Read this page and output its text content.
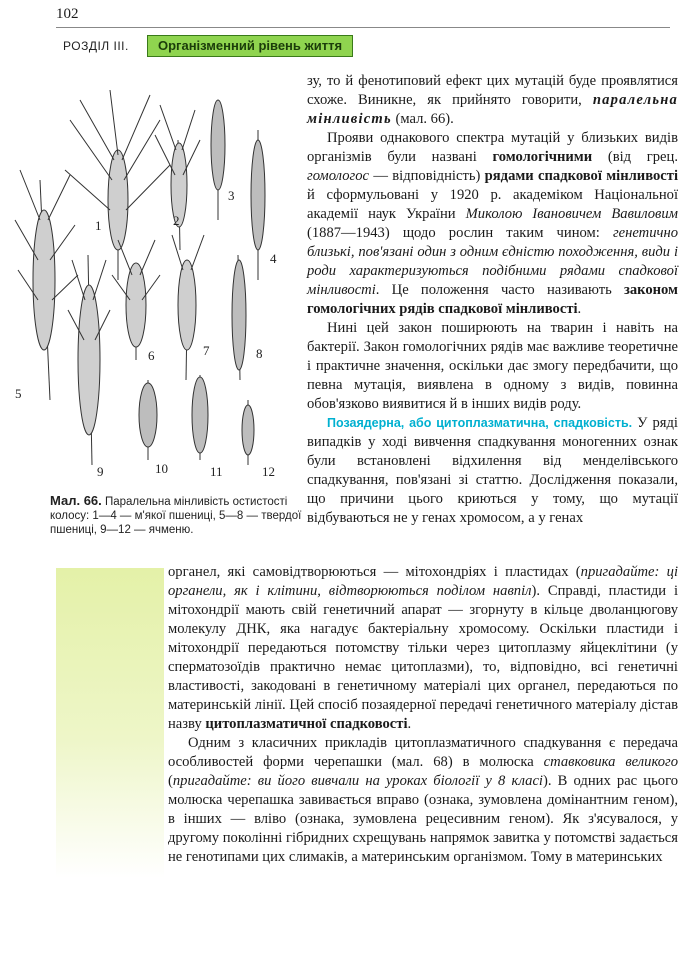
102
РОЗДІЛ III.	Організменний рівень життя
1	2
3
4
5
6	7	8
9	10	11	12
Мал. 66. Паралельна мінливість остистості колосу: 1—4 — м'якої пшениці, 5—8 — твердої пшениці, 9—12 — ячменю.

зу, то й фенотиповий ефект цих мутацій буде проявлятися схоже. Виникне, як прийнято говорити, паралельна мінливість (мал. 66).

Прояви однакового спектра мутацій у близьких видів організмів були названі гомологічними (від грец. гомологос — відповідність) рядами спадкової мінливості й сформульовані у 1920 р. академіком Національної академії наук України Миколою Івановичем Вавиловим (1887—1943) щодо рослин таким чином: генетично близькі, пов'язані один з одним єдністю походження, види і роди характеризуються подібними рядами спадкової мінливості. Це положення часто називають законом гомологічних рядів спадкової мінливості.

Нині цей закон поширюють на тварин і навіть на бактерії. Закон гомологічних рядів має важливе теоретичне і практичне значення, оскільки дає змогу передбачити, що певна мутація, виявлена в одному з видів, повинна обов'язково виявитися й в інших видів роду.

Позаядерна, або цитоплазматична, спадковість. У ряді випадків у ході вивчення спадкування моногенних ознак були встановлені відхилення від менделівського спадкування, пов'язані зі статтю. Дослідження показали, що причини цього криються у тому, що мутації відбуваються не у генах хромосом, а у генах

органел, які самовідтворюються — мітохондріях і пластидах (пригадайте: ці органели, як і клітини, відтворюються поділом навпіл). Справді, пластиди і мітохондрії мають свій генетичний апарат — згорнуту в кільце дволанцюгову молекулу ДНК, яка нагадує бактеріальну хромосому. Оскільки пластиди і мітохондрії передаються потомству тільки через цитоплазму яйцеклітини (у сперматозоїдів практично немає цитоплазми), то, відповідно, всі генетичні властивості, закодовані в генетичному матеріалі цих органел, передаються по материнській лінії. Цей спосіб позаядерної передачі генетичного матеріалу дістав назву цитоплазматичної спадковості.

Одним з класичних прикладів цитоплазматичного спадкування є передача особливостей форми черепашки (мал. 68) в молюска ставковика великого (пригадайте: ви його вивчали на уроках біології у 8 класі). В одних рас цього молюска черепашка завивається вправо (ознака, зумовлена домінантним геном), в інших — вліво (ознака, зумовлена рецесивним геном). Як з'ясувалося, у другому поколінні гібридних схрещувань напрямок завитка у потомстві задається не генотипами цих слимаків, а материнським організмом. Тому в материнських
